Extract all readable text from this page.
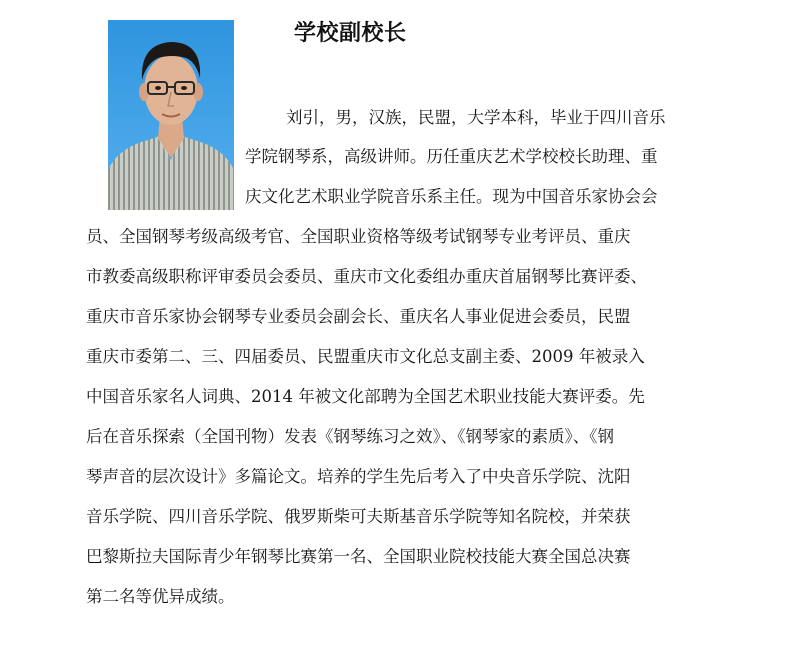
学校副校长
刘引，男，汉族，民盟，大学本科，毕业于四川音乐
学院钢琴系，高级讲师。历任重庆艺术学校校长助理、重
庆文化艺术职业学院音乐系主任。现为中国音乐家协会会
员、全国钢琴考级高级考官、全国职业资格等级考试钢琴专业考评员、重庆
市教委高级职称评审委员会委员、重庆市文化委组办重庆首届钢琴比赛评委、
重庆市音乐家协会钢琴专业委员会副会长、重庆名人事业促进会委员，民盟
重庆市委第二、三、四届委员、民盟重庆市文化总支副主委、2009 年被录入
中国音乐家名人词典、2014 年被文化部聘为全国艺术职业技能大赛评委。先
后在音乐探索（全国刊物）发表《钢琴练习之效》、《钢琴家的素质》、《钢
琴声音的层次设计》多篇论文。培养的学生先后考入了中央音乐学院、沈阳
音乐学院、四川音乐学院、俄罗斯柴可夫斯基音乐学院等知名院校，并荣获
巴黎斯拉夫国际青少年钢琴比赛第一名、全国职业院校技能大赛全国总决赛
第二名等优异成绩。
